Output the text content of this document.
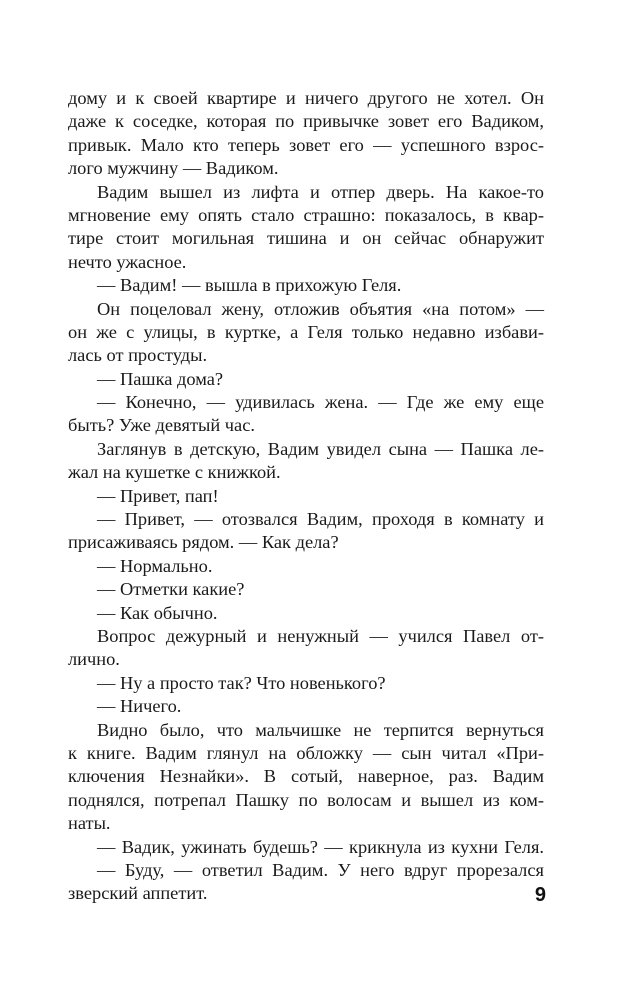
дому и к своей квартире и ничего другого не хотел. Он
даже к соседке, которая по привычке зовет его Вадиком,
привык. Мало кто теперь зовет его — успешного взрос-
лого мужчину — Вадиком.
Вадим вышел из лифта и отпер дверь. На какое-то
мгновение ему опять стало страшно: показалось, в квар-
тире стоит могильная тишина и он сейчас обнаружит
нечто ужасное.
— Вадим! — вышла в прихожую Геля.
Он поцеловал жену, отложив объятия «на потом» —
он же с улицы, в куртке, а Геля только недавно избави-
лась от простуды.
— Пашка дома?
— Конечно, — удивилась жена. — Где же ему еще
быть? Уже девятый час.
Заглянув в детскую, Вадим увидел сына — Пашка ле-
жал на кушетке с книжкой.
— Привет, пап!
— Привет, — отозвался Вадим, проходя в комнату и
присаживаясь рядом. — Как дела?
— Нормально.
— Отметки какие?
— Как обычно.
Вопрос дежурный и ненужный — учился Павел от-
лично.
— Ну а просто так? Что новенького?
— Ничего.
Видно было, что мальчишке не терпится вернуться
к книге. Вадим глянул на обложку — сын читал «При-
ключения Незнайки». В сотый, наверное, раз. Вадим
поднялся, потрепал Пашку по волосам и вышел из ком-
наты.
— Вадик, ужинать будешь? — крикнула из кухни Геля.
— Буду, — ответил Вадим. У него вдруг прорезался
зверский аппетит.	9
